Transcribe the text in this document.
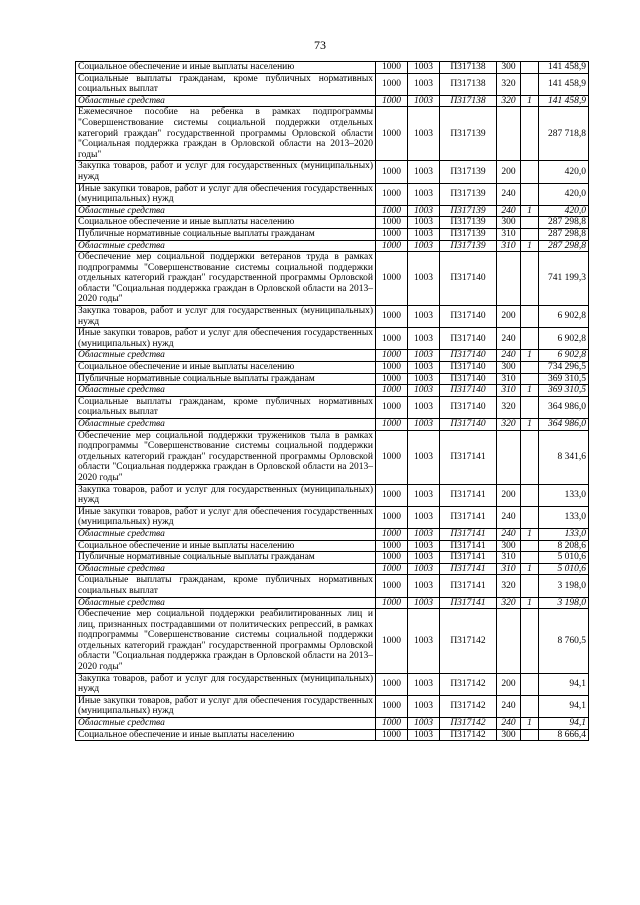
73
Социальное обеспечение и иные выплаты населению	1000	1003	П317138	300		141 458,9
Социальные выплаты гражданам, кроме публичных нормативных социальных выплат	1000	1003	П317138	320		141 458,9
Областные средства	1000	1003	П317138	320	1	141 458,9
Ежемесячное пособие на ребенка в рамках подпрограммы "Совершенствование системы социальной поддержки отдельных категорий граждан" государственной программы Орловской области "Социальная поддержка граждан в Орловской области на 2013–2020 годы"	1000	1003	П317139			287 718,8
Закупка товаров, работ и услуг для государственных (муниципальных) нужд	1000	1003	П317139	200		420,0
Иные закупки товаров, работ и услуг для обеспечения государственных (муниципальных) нужд	1000	1003	П317139	240		420,0
Областные средства	1000	1003	П317139	240	1	420,0
Социальное обеспечение и иные выплаты населению	1000	1003	П317139	300		287 298,8
Публичные нормативные социальные выплаты гражданам	1000	1003	П317139	310		287 298,8
Областные средства	1000	1003	П317139	310	1	287 298,8
Обеспечение мер социальной поддержки ветеранов труда в рамках подпрограммы "Совершенствование системы социальной поддержки отдельных категорий граждан" государственной программы Орловской области "Социальная поддержка граждан в Орловской области на 2013–2020 годы"	1000	1003	П317140			741 199,3
Закупка товаров, работ и услуг для государственных (муниципальных) нужд	1000	1003	П317140	200		6 902,8
Иные закупки товаров, работ и услуг для обеспечения государственных (муниципальных) нужд	1000	1003	П317140	240		6 902,8
Областные средства	1000	1003	П317140	240	1	6 902,8
Социальное обеспечение и иные выплаты населению	1000	1003	П317140	300		734 296,5
Публичные нормативные социальные выплаты гражданам	1000	1003	П317140	310		369 310,5
Областные средства	1000	1003	П317140	310	1	369 310,5
Социальные выплаты гражданам, кроме публичных нормативных социальных выплат	1000	1003	П317140	320		364 986,0
Областные средства	1000	1003	П317140	320	1	364 986,0
Обеспечение мер социальной поддержки тружеников тыла в рамках подпрограммы "Совершенствование системы социальной поддержки отдельных категорий граждан" государственной программы Орловской области "Социальная поддержка граждан в Орловской области на 2013–2020 годы"	1000	1003	П317141			8 341,6
Закупка товаров, работ и услуг для государственных (муниципальных) нужд	1000	1003	П317141	200		133,0
Иные закупки товаров, работ и услуг для обеспечения государственных (муниципальных) нужд	1000	1003	П317141	240		133,0
Областные средства	1000	1003	П317141	240	1	133,0
Социальное обеспечение и иные выплаты населению	1000	1003	П317141	300		8 208,6
Публичные нормативные социальные выплаты гражданам	1000	1003	П317141	310		5 010,6
Областные средства	1000	1003	П317141	310	1	5 010,6
Социальные выплаты гражданам, кроме публичных нормативных социальных выплат	1000	1003	П317141	320		3 198,0
Областные средства	1000	1003	П317141	320	1	3 198,0
Обеспечение мер социальной поддержки реабилитированных лиц и лиц, признанных пострадавшими от политических репрессий, в рамках подпрограммы "Совершенствование системы социальной поддержки отдельных категорий граждан" государственной программы Орловской области "Социальная поддержка граждан в Орловской области на 2013–2020 годы"	1000	1003	П317142			8 760,5
Закупка товаров, работ и услуг для государственных (муниципальных) нужд	1000	1003	П317142	200		94,1
Иные закупки товаров, работ и услуг для обеспечения государственных (муниципальных) нужд	1000	1003	П317142	240		94,1
Областные средства	1000	1003	П317142	240	1	94,1
Социальное обеспечение и иные выплаты населению	1000	1003	П317142	300		8 666,4
